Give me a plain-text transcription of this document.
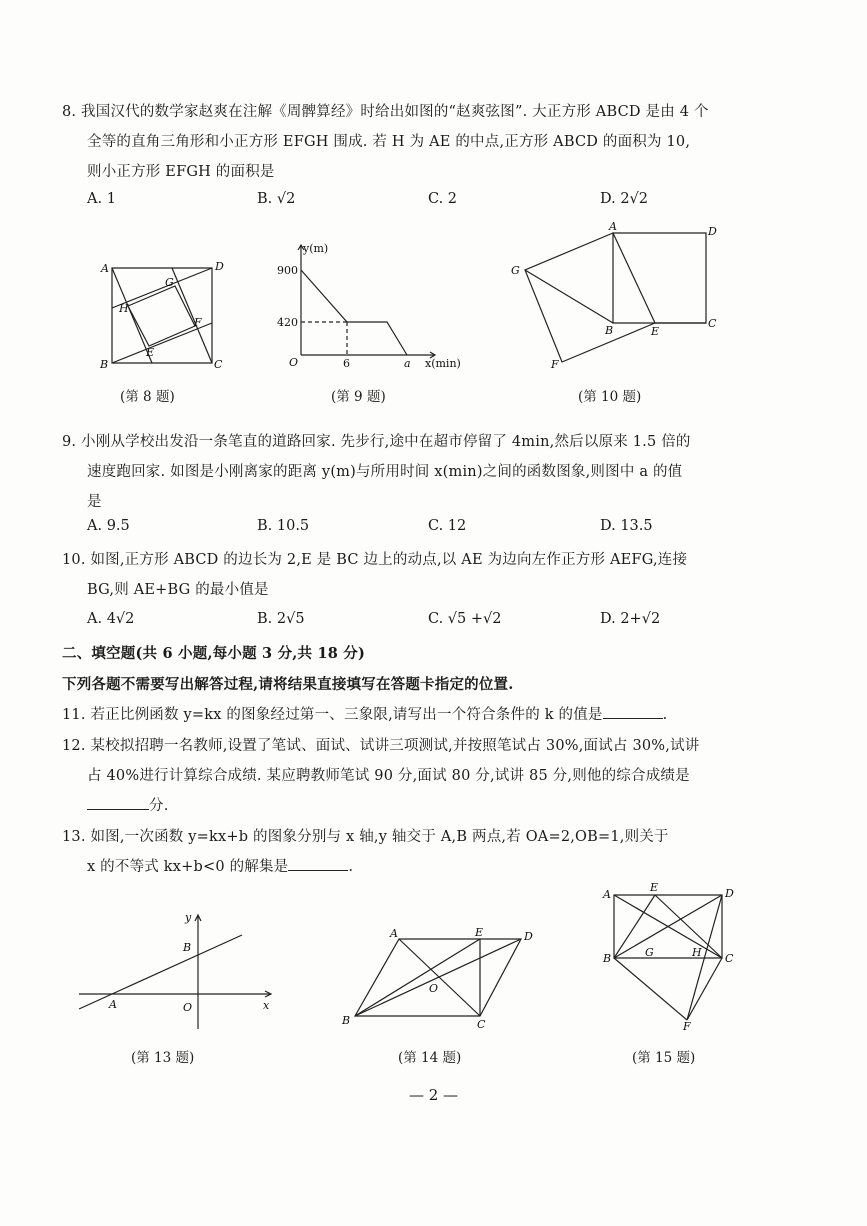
8. 我国汉代的数学家赵爽在注解《周髀算经》时给出如图的“赵爽弦图”. 大正方形 ABCD 是由 4 个
全等的直角三角形和小正方形 EFGH 围成. 若 H 为 AE 的中点,正方形 ABCD 的面积为 10,
则小正方形 EFGH 的面积是
A. 1	B. √2	C. 2	D. 2√2
A	D
G
H
F
E
B	C
(第 8 题)
y(m)
900
420
O	6	a x(min)
(第 9 题)
A	D
G
B	E
C
F
(第 10 题)
9. 小刚从学校出发沿一条笔直的道路回家. 先步行,途中在超市停留了 4min,然后以原来 1.5 倍的
速度跑回家. 如图是小刚离家的距离 y(m)与所用时间 x(min)之间的函数图象,则图中 a 的值
是
A. 9.5	B. 10.5	C. 12	D. 13.5
10. 如图,正方形 ABCD 的边长为 2,E 是 BC 边上的动点,以 AE 为边向左作正方形 AEFG,连接
BG,则 AE+BG 的最小值是
A. 4√2	B. 2√5	C. √5 +√2	D. 2+√2
二、填空题(共 6 小题,每小题 3 分,共 18 分)
下列各题不需要写出解答过程,请将结果直接填写在答题卡指定的位置.
11. 若正比例函数 y=kx 的图象经过第一、三象限,请写出一个符合条件的 k 的值是	.
12. 某校拟招聘一名教师,设置了笔试、面试、试讲三项测试,并按照笔试占 30%,面试占 30%,试讲
占 40%进行计算综合成绩. 某应聘教师笔试 90 分,面试 80 分,试讲 85 分,则他的综合成绩是
分.
13. 如图,一次函数 y=kx+b 的图象分别与 x 轴,y 轴交于 A,B 两点,若 OA=2,OB=1,则关于
x 的不等式 kx+b<0 的解集是	.
y
B
A	O	x
(第 13 题)
A	E	D
O
B	C
(第 14 题)
A
E	D
B	G	H C
F
(第 15 题)
— 2 —
